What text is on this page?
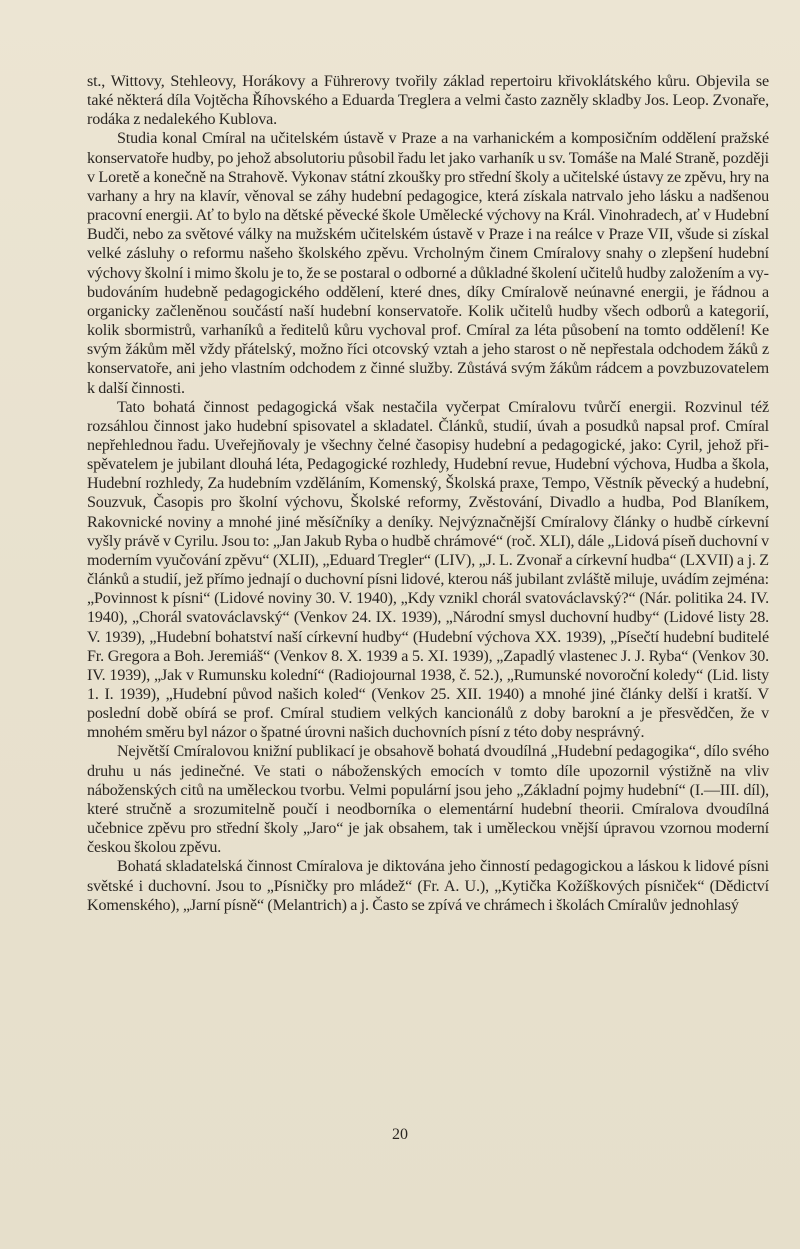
st., Wittovy, Stehleovy, Horákovy a Führerovy tvořily základ repertoiru křivoklátského kůru. Objevila se také některá díla Vojtěcha Říhovského a Eduarda Treglera a velmi často zazněly skladby Jos. Leop. Zvonaře, rodáka z nedalekého Kublova.

Studia konal Cmíral na učitelském ústavě v Praze a na varhanickém a komposičním oddělení pražské konservatoře hudby, po jehož absolutoriu působil řadu let jako varhaník u sv. Tomáše na Malé Straně, později v Loretě a konečně na Strahově. Vykonav státní zkoušky pro střední školy a učitelské ústavy ze zpěvu, hry na varhany a hry na klavír, věnoval se záhy hudební pedagogice, která získala natrvalo jeho lásku a nadšenou pracovní energii. Ať to bylo na dětské pěvecké škole Umělecké výchovy na Král. Vinohradech, ať v Hudební Budči, nebo za světové války na mužském učitelském ústavě v Praze i na reálce v Praze VII, všude si získal velké zásluhy o reformu našeho školského zpěvu. Vrcholným činem Cmíralovy snahy o zlepšení hudební výchovy školní i mimo školu je to, že se postaral o odborné a důkladné školení učitelů hudby založením a vybudováním hudebně pedagogického oddělení, které dnes, díky Cmíralově neúnavné energii, je řádnou a organicky začleněnou součástí naší hudební konservatoře. Kolik učitelů hudby všech odborů a kategorií, kolik sbormistrů, varhaníků a ředitelů kůru vychoval prof. Cmíral za léta působení na tomto oddělení! Ke svým žákům měl vždy přátelský, možno říci otcovský vztah a jeho starost o ně nepřestala odchodem žáků z konservatoře, ani jeho vlastním odchodem z činné služby. Zůstává svým žákům rádcem a povzbuzovatelem k další činnosti.

Tato bohatá činnost pedagogická však nestačila vyčerpat Cmíralovu tvůrčí energii. Rozvinul též rozsáhlou činnost jako hudební spisovatel a skladatel. Článků, studií, úvah a posudků napsal prof. Cmíral nepřehlednou řadu. Uveřejňovaly je všechny čelné časopisy hudební a pedagogické, jako: Cyril, jehož přispěvatelem je jubilant dlouhá léta, Pedagogické rozhledy, Hudební revue, Hudební výchova, Hudba a škola, Hudební rozhledy, Za hudebním vzděláním, Komenský, Školská praxe, Tempo, Věstník pěvecký a hudební, Souzvuk, Časopis pro školní výchovu, Školské reformy, Zvěstování, Divadlo a hudba, Pod Blaníkem, Rakovnické noviny a mnohé jiné měsíčníky a deníky. Nejvýznačnější Cmíralovy články o hudbě církevní vyšly právě v Cyrilu. Jsou to: „Jan Jakub Ryba o hudbě chrámové“ (roč. XLI), dále „Lidová píseň duchovní v moderním vyučování zpěvu“ (XLII), „Eduard Tregler“ (LIV), „J. L. Zvonař a církevní hudba“ (LXVII) a j. Z článků a studií, jež přímo jednají o duchovní písni lidové, kterou náš jubilant zvláště miluje, uvádím zejména: „Povinnost k písni“ (Lidové noviny 30. V. 1940), „Kdy vznikl chorál svatováclavský?“ (Nár. politika 24. IV. 1940), „Chorál svatováclavský“ (Venkov 24. IX. 1939), „Národní smysl duchovní hudby“ (Lidové listy 28. V. 1939), „Hudební bohatství naší církevní hudby“ (Hudební výchova XX. 1939), „Písečtí hudební buditelé Fr. Gregora a Boh. Jeremiáš“ (Venkov 8. X. 1939 a 5. XI. 1939), „Zapadlý vlastenec J. J. Ryba“ (Venkov 30. IV. 1939), „Jak v Rumunsku kolední“ (Radiojournal 1938, č. 52.), „Rumunské novoroční koledy“ (Lid. listy 1. I. 1939), „Hudební původ našich koled“ (Venkov 25. XII. 1940) a mnohé jiné články delší i kratší. V poslední době obírá se prof. Cmíral studiem velkých kancionálů z doby barokní a je přesvědčen, že v mnohém směru byl názor o špatné úrovni našich duchovních písní z této doby nesprávný.

Největší Cmíralovou knižní publikací je obsahově bohatá dvoudílná „Hudební pedagogika“, dílo svého druhu u nás jedinečné. Ve stati o náboženských emocích v tomto díle upozornil výstižně na vliv náboženských citů na uměleckou tvorbu. Velmi populární jsou jeho „Základní pojmy hudební“ (I.—III. díl), které stručně a srozumitelně poučí i neodborníka o elementární hudební theorii. Cmíralova dvoudílná učebnice zpěvu pro střední školy „Jaro“ je jak obsahem, tak i uměleckou vnější úpravou vzornou moderní českou školou zpěvu.

Bohatá skladatelská činnost Cmíralova je diktována jeho činností pedagogickou a láskou k lidové písni světské i duchovní. Jsou to „Písničky pro mládež“ (Fr. A. U.), „Kytička Kožíškových písniček“ (Dědictví Komenského), „Jarní písně“ (Melantrich) a j. Často se zpívá ve chrámech i školách Cmíralův jednohlasý

20
